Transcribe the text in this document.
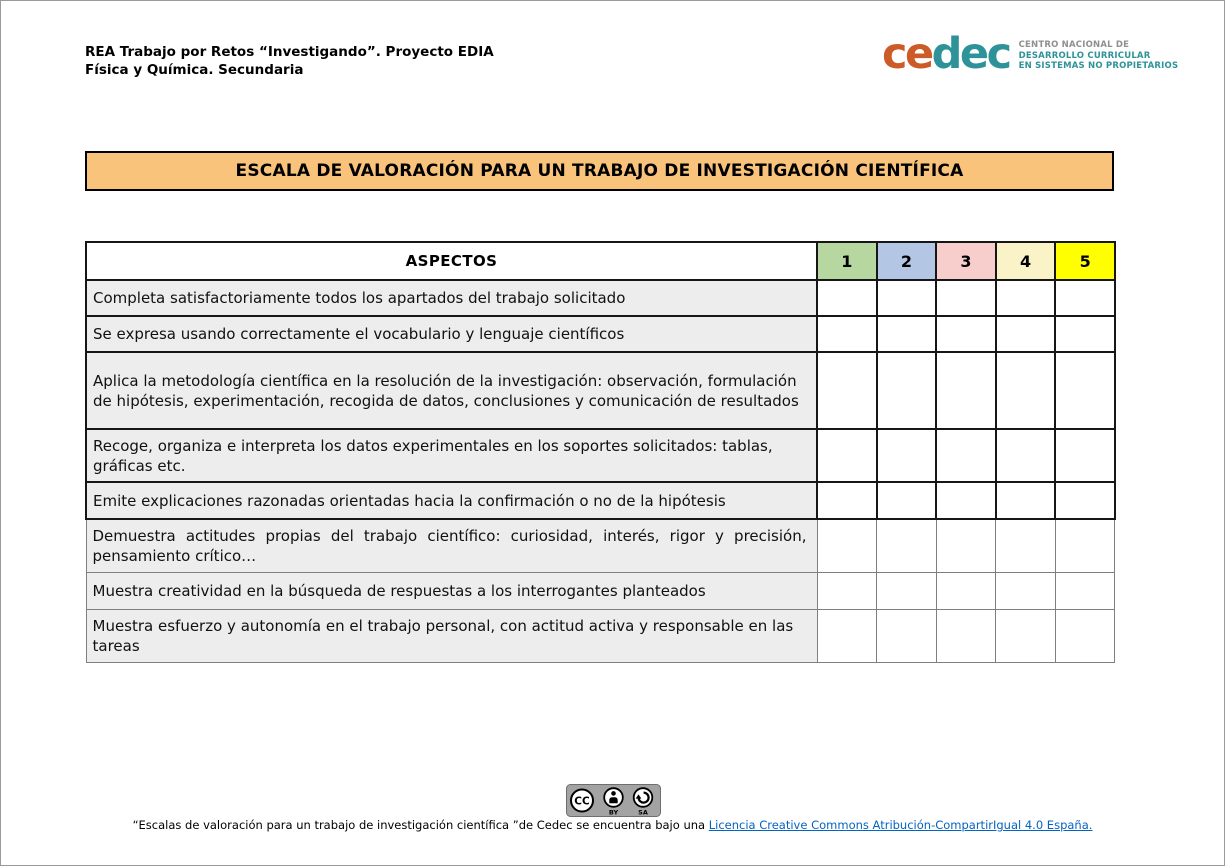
REA Trabajo por Retos “Investigando”. Proyecto EDIA
Física y Química. Secundaria	cedec CENTRO NACIONAL DE
DESARROLLO CURRICULAR
EN SISTEMAS NO PROPIETARIOS
ESCALA DE VALORACIÓN PARA UN TRABAJO DE INVESTIGACIÓN CIENTÍFICA
ASPECTOS	1	2	3	4	5
Completa satisfactoriamente todos los apartados del trabajo solicitado					
Se expresa usando correctamente el vocabulario y lenguaje científicos					
Aplica la metodología científica en la resolución de la investigación: observación, formulación de hipótesis, experimentación, recogida de datos, conclusiones y comunicación de resultados					
Recoge, organiza e interpreta los datos experimentales en los soportes solicitados: tablas, gráficas etc.					
Emite explicaciones razonadas orientadas hacia la confirmación o no de la hipótesis					
Demuestra actitudes propias del trabajo científico: curiosidad, interés, rigor y precisión, pensamiento crítico…					
Muestra creatividad en la búsqueda de respuestas a los interrogantes planteados					
Muestra esfuerzo y autonomía en el trabajo personal, con actitud activa y responsable en las tareas					
CC
BY	SA
“Escalas de valoración para un trabajo de investigación científica ”de Cedec se encuentra bajo una Licencia Creative Commons Atribución-CompartirIgual 4.0 España.
